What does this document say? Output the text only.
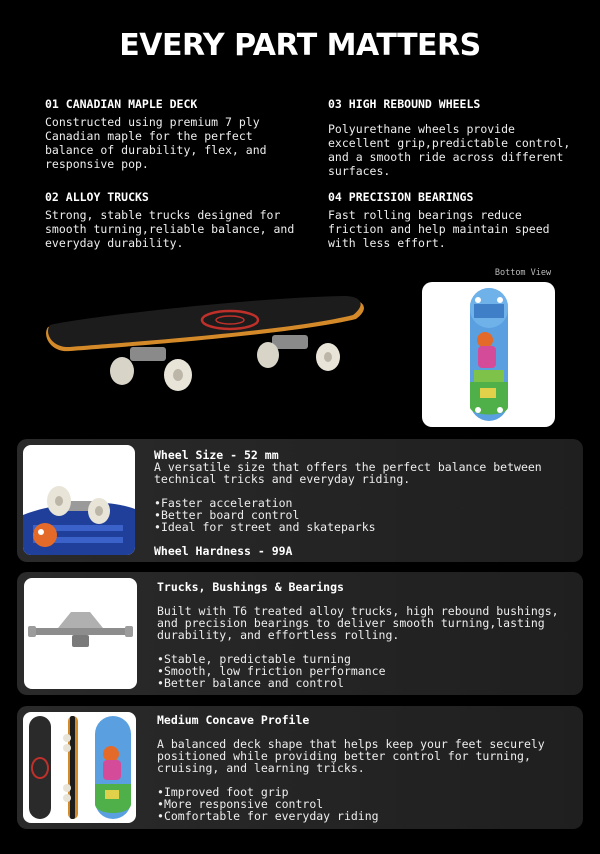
EVERY PART MATTERS

01 CANADIAN MAPLE DECK

Constructed using premium 7 ply Canadian maple for the perfect balance of durability, flex, and responsive pop.

03 HIGH REBOUND WHEELS

Polyurethane wheels provide excellent grip,predictable control, and a smooth ride across different surfaces.

02 ALLOY TRUCKS

Strong, stable trucks designed for smooth turning,reliable balance, and everyday durability.

04 PRECISION BEARINGS

Fast rolling bearings reduce friction and help maintain speed with less effort.

Bottom View

Wheel Size - 52 mm

A versatile size that offers the perfect balance between technical tricks and everyday riding.

• Faster acceleration
• Better board control
• Ideal for street and skateparks

Wheel Hardness - 99A

Trucks, Bushings & Bearings

Built with T6 treated alloy trucks, high rebound bushings, and precision bearings to deliver smooth turning,lasting durability, and effortless rolling.

• Stable, predictable turning
• Smooth, low friction performance
• Better balance and control

Medium Concave Profile

A balanced deck shape that helps keep your feet securely positioned while providing better control for turning, cruising, and learning tricks.

• Improved foot grip
• More responsive control
• Comfortable for everyday riding
